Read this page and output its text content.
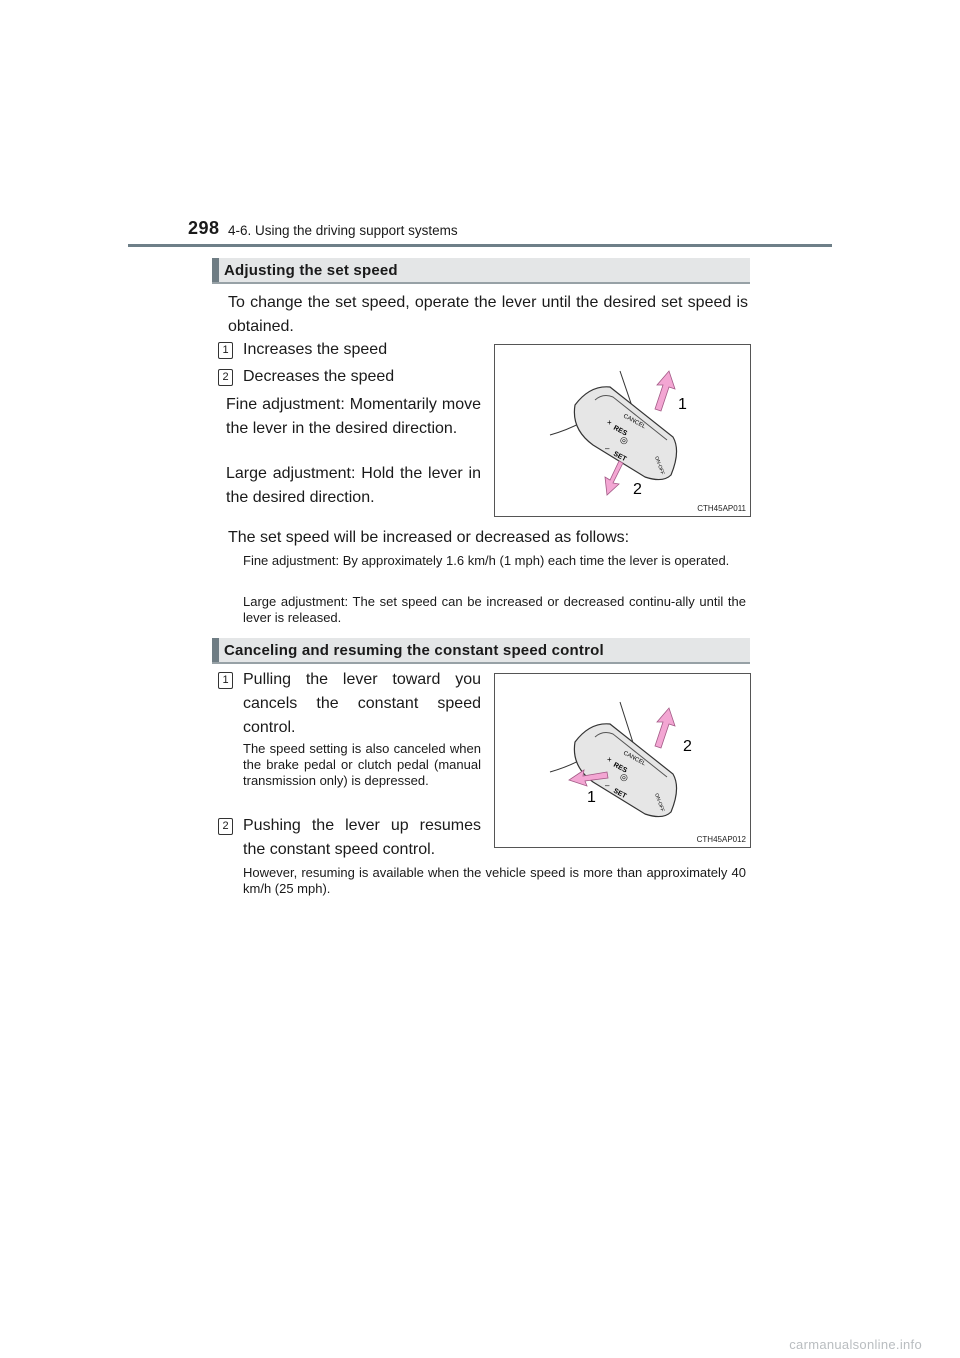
298 4-6. Using the driving support systems
Adjusting the set speed
To change the set speed, operate the lever until the desired set speed is obtained.
1 Increases the speed
2 Decreases the speed
Fine adjustment: Momentarily move the lever in the desired direction.
Large adjustment: Hold the lever in the desired direction.
CANCEL
RES
+
◎
–
SET	ON-OFF
1
2
CTH45AP011
The set speed will be increased or decreased as follows:
Fine adjustment: By approximately 1.6 km/h (1 mph) each time the lever is operated.
Large adjustment: The set speed can be increased or decreased continu-ally until the lever is released.
Canceling and resuming the constant speed control
1 Pulling the lever toward you cancels the constant speed control.
The speed setting is also canceled when the brake pedal or clutch pedal (manual transmission only) is depressed.
2 Pushing the lever up resumes the constant speed control.
However, resuming is available when the vehicle speed is more than approximately 40 km/h (25 mph).
CANCEL
RES
+
◎
–
SET	ON-OFF
2
1
CTH45AP012
carmanualsonline.info
